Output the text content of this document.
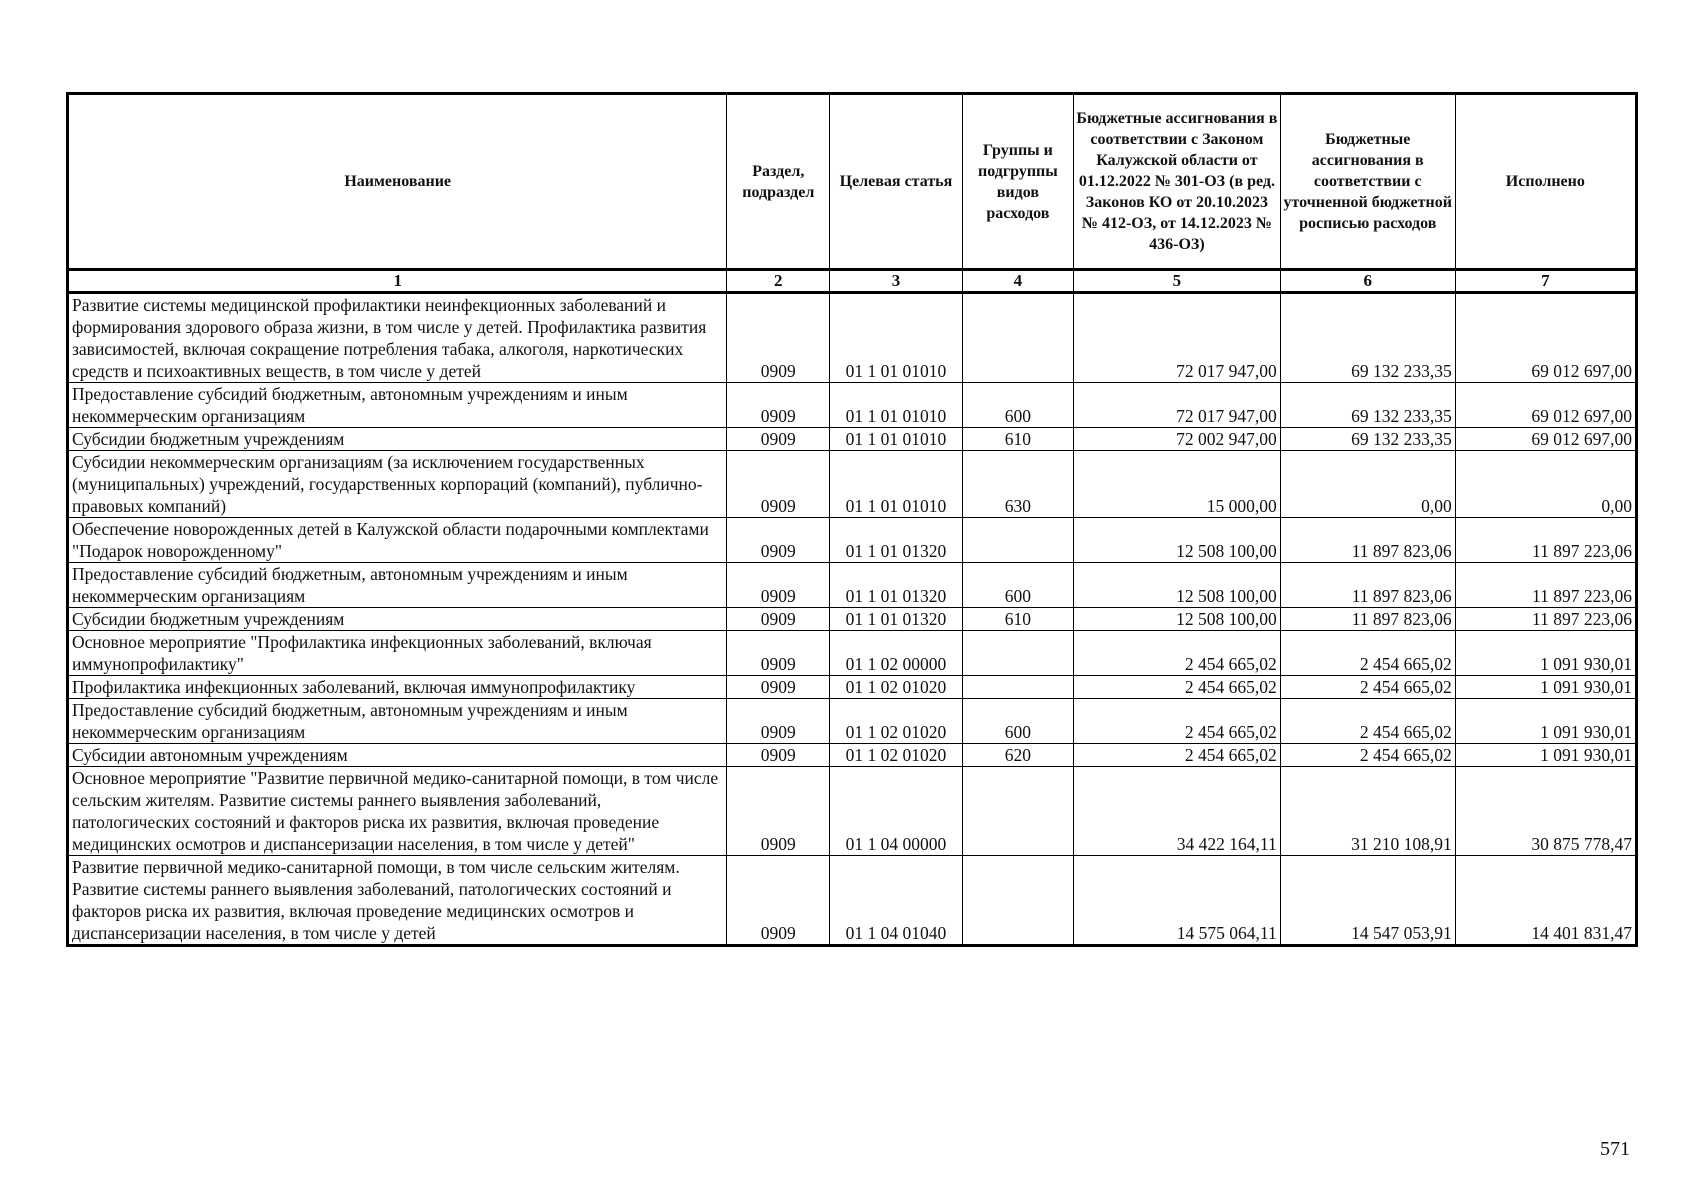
Наименование	Раздел, подраздел	Целевая статья	Группы и подгруппы видов расходов	Бюджетные ассигнования в соответствии с Законом Калужской области от 01.12.2022 № 301-ОЗ (в ред. Законов КО от 20.10.2023 № 412-ОЗ, от 14.12.2023 № 436-ОЗ)	Бюджетные ассигнования в соответствии с уточненной бюджетной росписью расходов	Исполнено
1	2	3	4	5	6	7
Развитие системы медицинской профилактики неинфекционных заболеваний и формирования здорового образа жизни, в том числе у детей. Профилактика развития зависимостей, включая сокращение потребления табака, алкоголя, наркотических средств и психоактивных веществ, в том числе у детей	0909	01 1 01 01010		72 017 947,00	69 132 233,35	69 012 697,00
Предоставление субсидий бюджетным, автономным учреждениям и иным некоммерческим организациям	0909	01 1 01 01010	600	72 017 947,00	69 132 233,35	69 012 697,00
Субсидии бюджетным учреждениям	0909	01 1 01 01010	610	72 002 947,00	69 132 233,35	69 012 697,00
Субсидии некоммерческим организациям (за исключением государственных (муниципальных) учреждений, государственных корпораций (компаний), публично-правовых компаний)	0909	01 1 01 01010	630	15 000,00	0,00	0,00
Обеспечение новорожденных детей в Калужской области подарочными комплектами "Подарок новорожденному"	0909	01 1 01 01320		12 508 100,00	11 897 823,06	11 897 223,06
Предоставление субсидий бюджетным, автономным учреждениям и иным некоммерческим организациям	0909	01 1 01 01320	600	12 508 100,00	11 897 823,06	11 897 223,06
Субсидии бюджетным учреждениям	0909	01 1 01 01320	610	12 508 100,00	11 897 823,06	11 897 223,06
Основное мероприятие "Профилактика инфекционных заболеваний, включая иммунопрофилактику"	0909	01 1 02 00000		2 454 665,02	2 454 665,02	1 091 930,01
Профилактика инфекционных заболеваний, включая иммунопрофилактику	0909	01 1 02 01020		2 454 665,02	2 454 665,02	1 091 930,01
Предоставление субсидий бюджетным, автономным учреждениям и иным некоммерческим организациям	0909	01 1 02 01020	600	2 454 665,02	2 454 665,02	1 091 930,01
Субсидии автономным учреждениям	0909	01 1 02 01020	620	2 454 665,02	2 454 665,02	1 091 930,01
Основное мероприятие "Развитие первичной медико-санитарной помощи, в том числе сельским жителям. Развитие системы раннего выявления заболеваний, патологических состояний и факторов риска их развития, включая проведение медицинских осмотров и диспансеризации населения, в том числе у детей"	0909	01 1 04 00000		34 422 164,11	31 210 108,91	30 875 778,47
Развитие первичной медико-санитарной помощи, в том числе сельским жителям. Развитие системы раннего выявления заболеваний, патологических состояний и факторов риска их развития, включая проведение медицинских осмотров и диспансеризации населения, в том числе у детей	0909	01 1 04 01040		14 575 064,11	14 547 053,91	14 401 831,47
571
